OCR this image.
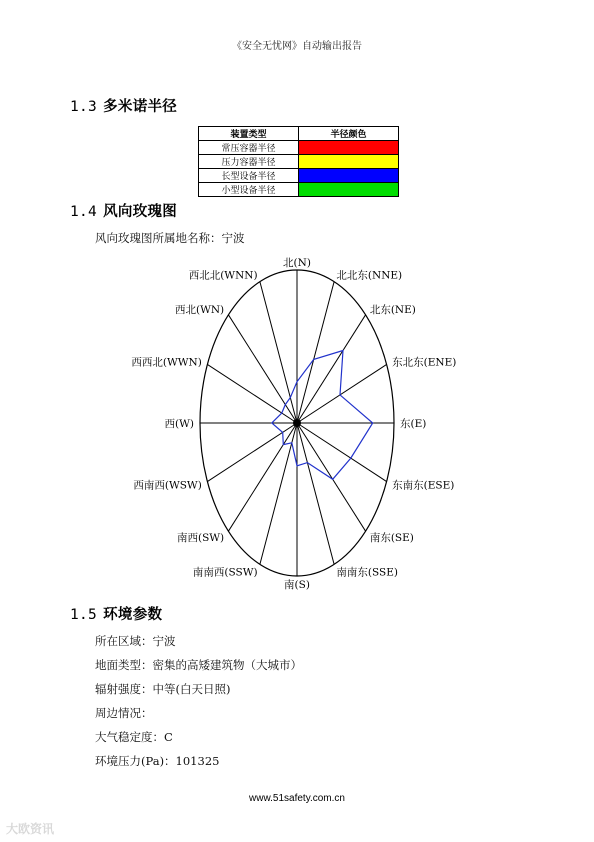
《安全无忧网》自动输出报告
1.3 多米诺半径
装置类型	半径颜色
常压容器半径	
压力容器半径	
长型设备半径	
小型设备半径	
1.4 风向玫瑰图
风向玫瑰图所属地名称：宁波
北(N)
北北东(NNE)
北东(NE)
东北东(ENE)
东(E)
东南东(ESE)
南东(SE)
南南东(SSE)
南(S)
南南西(SSW)
南西(SW)
西南西(WSW)
西(W)
西西北(WWN)
西北(WN)
西北北(WNN)
1.5 环境参数
所在区域：宁波
地面类型：密集的高矮建筑物（大城市）
辐射强度：中等(白天日照)
周边情况：
大气稳定度：C
环境压力(Pa)：101325
www.51safety.com.cn
大欧资讯
